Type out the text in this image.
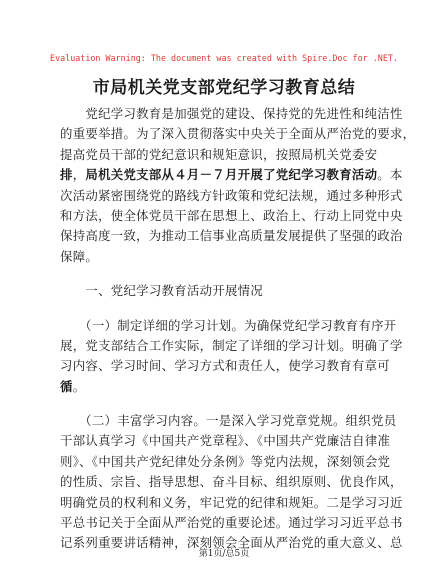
Evaluation Warning: The document was created with Spire.Doc for .NET.
市局机关党支部党纪学习教育总结
　　党纪学习教育是加强党的建设、保持党的先进性和纯洁性
的重要举措。为了深入贯彻落实中央关于全面从严治党的要求，
提高党员干部的党纪意识和规矩意识，按照局机关党委安
排，局机关党支部从４月－７月开展了党纪学习教育活动。本
次活动紧密围绕党的路线方针政策和党纪法规，通过多种形式
和方法，使全体党员干部在思想上、政治上、行动上同党中央
保持高度一致，为推动工信事业高质量发展提供了坚强的政治
保障。
　　一、党纪学习教育活动开展情况
　　（一）制定详细的学习计划。为确保党纪学习教育有序开
展，党支部结合工作实际，制定了详细的学习计划。明确了学
习内容、学习时间、学习方式和责任人，使学习教育有章可
循。
　　（二）丰富学习内容。一是深入学习党章党规。组织党员
干部认真学习《中国共产党章程》、《中国共产党廉洁自律准
则》、《中国共产党纪律处分条例》等党内法规，深刻领会党
的性质、宗旨、指导思想、奋斗目标、组织原则、优良作风，
明确党员的权利和义务，牢记党的纪律和规矩。二是学习习近
平总书记关于全面从严治党的重要论述。通过学习习近平总书
记系列重要讲话精神，深刻领会全面从严治党的重大意义、总
第1页/总5页
